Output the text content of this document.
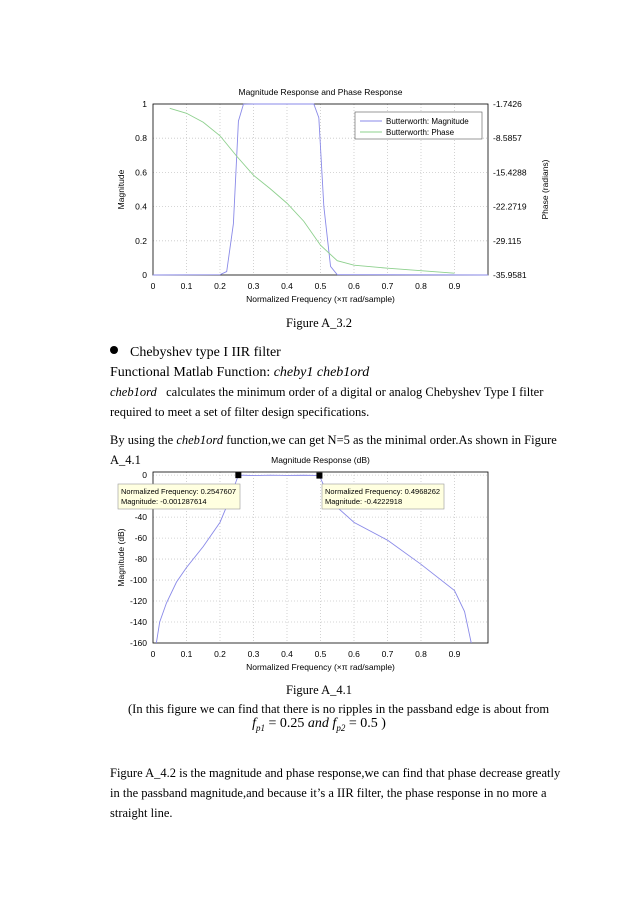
0	0.1	0.2	0.3	0.4	0.5	0.6	0.7	0.8	0.9
0
0.2
0.4
0.6
0.8
1
-35.9581
-29.115
-22.2719
-15.4288
-8.5857
-1.7426
Butterworth: Magnitude
Butterworth: Phase
Magnitude Response and Phase Response
Normalized Frequency (×π rad/sample)
Magnitude	Phase (radians)
Figure A_3.2
Chebyshev type I IIR filter
Functional Matlab Function: cheby1 cheb1ord
cheb1ord   calculates the minimum order of a digital or analog Chebyshev Type I filter required to meet a set of filter design specifications.
By using the cheb1ord function,we can get N=5 as the minimal order.As shown in Figure A_4.1
0	0.1	0.2	0.3	0.4	0.5	0.6	0.7	0.8	0.9
-160
-140
-120
-100
-80
-60
-40
0
Normalized Frequency: 0.2547607
Magnitude: -0.001287614
Normalized Frequency: 0.4968262
Magnitude: -0.4222918
Magnitude Response (dB)
Normalized Frequency (×π rad/sample)
Magnitude (dB)
Figure A_4.1
(In this figure we can find that there is no ripples in the passband edge is about from
$f_{p1} = 0.25$ and $f_{p2} = 0.5$ )
Figure A_4.2 is the magnitude and phase response,we can find that phase decrease greatly in the passband magnitude,and because it’s a IIR filter, the phase response in no more a straight line.
